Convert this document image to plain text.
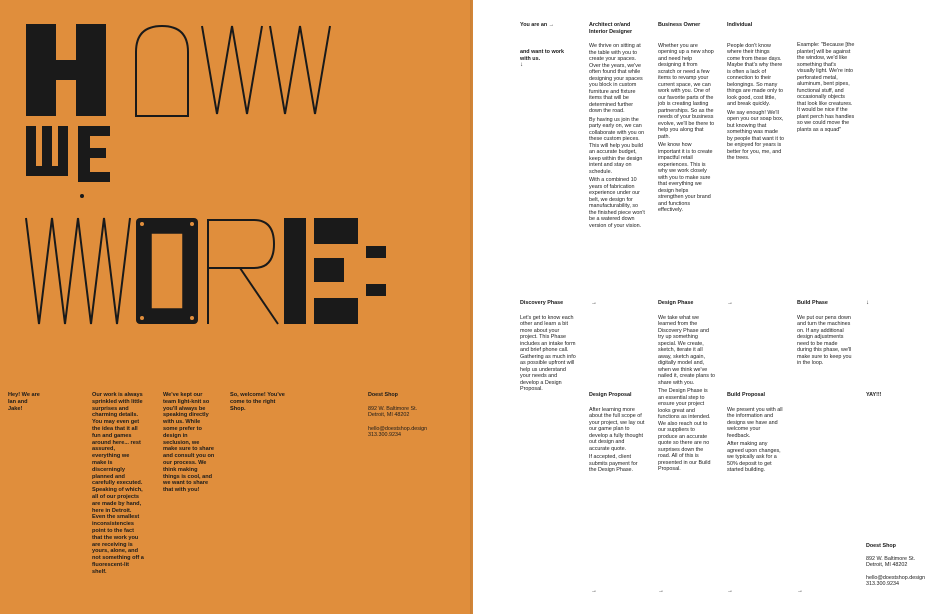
Hey! We are Ian and Jake!
Our work is always sprinkled with little surprises and charming details. You may even get the idea that it all fun and games around here... rest assured, everything we make is discerningly planned and carefully executed. Speaking of which, all of our projects are made by hand, here in Detroit. Even the smallest inconsistencies point to the fact that the work you are receiving is yours, alone, and not something off a fluorescent-lit shelf.
We've kept our team light-knit so you'll always be speaking directly with us. While some prefer to design in seclusion, we make sure to share and consult you on our process. We think making things is cool, and we want to share that with you!
So, welcome! You've come to the right Shop.
Doest Shop
892 W. Baltimore St.
Detroit, MI 48202
hello@doestshop.design
313.300.9234
You are an →
and want to work with us.
↓
Architect or/and Interior Designer

We thrive on sitting at the table with you to create your spaces. Over the years, we've often found that while designing your spaces you block in custom furniture and fixture items that will be determined further down the road.

By having us join the party early on, we can collaborate with you on these custom pieces. This will help you build an accurate budget, keep within the design intent and stay on schedule.

With a combined 10 years of fabrication experience under our belt, we design for manufacturability, so the finished piece won't be a watered down version of your vision.

Business Owner

Whether you are opening up a new shop and need help designing it from scratch or need a few items to revamp your current space, we can work with you. One of our favorite parts of the job is creating lasting partnerships. So as the needs of your business evolve, we'll be there to help you along that path.

We know how important it is to create impactful retail experiences. This is why we work closely with you to make sure that everything we design helps strengthen your brand and functions effectively.

Individual

People don't know where their things come from these days. Maybe that's why there is often a lack of connection to their belongings. So many things are made only to look good, cost little, and break quickly.

We say enough! We'll open you our soap box, but knowing that something was made by people that want it to be enjoyed for years is better for you, me, and the trees.

Example: "Because [the planter] will be against the window, we'd like something that's visually light. We're into perforated metal, aluminum, bent pipes, functional stuff, and occasionally objects that look like creatures. It would be nice if the plant perch has handles so we could move the plants as a squad"
Discovery Phase
Let's get to know each other and learn a bit more about your project. This Phase includes an intake form and brief phone call. Gathering as much info as possible upfront will help us understand your needs and develop a Design Proposal.
→	Design Phase

We take what we learned from the Discovery Phase and try up something special. We create, sketch, iterate it all away, sketch again, digitally model and, when we think we've nailed it, create plans to share with you.

The Design Phase is an essential step to ensure your project looks great and functions as intended. We also reach out to our suppliers to produce an accurate quote so there are no surprises down the road. All of this is presented in our Build Proposal.

→	Build Phase
We put our pens down and turn the machines on. If any additional design adjustments need to be made during this phase, we'll make sure to keep you in the loop.
↓
Design Proposal

After learning more about the full scope of your project, we lay out our game plan to develop a fully thought out design and accurate quote.

If accepted, client submits payment for the Design Phase.

Build Proposal

We present you with all the information and designs we have and welcome your feedback.

After making any agreed upon changes, we typically ask for a 50% deposit to get started building.

YAY!!!
Doest Shop
892 W. Baltimore St.
Detroit, MI 48202
hello@doestshop.design
313.300.9234
→	→	→	→
